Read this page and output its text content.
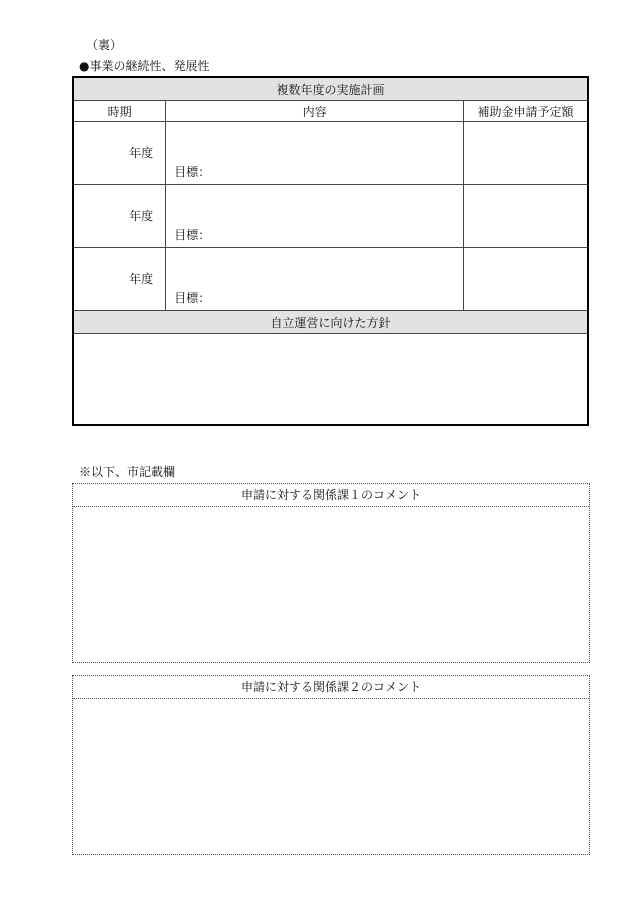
（裏）
●事業の継続性、発展性
複数年度の実施計画		
時期	内容	補助金申請予定額
年度	目標：	
年度	目標：	
年度	目標：	
自立運営に向けた方針		

※以下、市記載欄
申請に対する関係課１のコメント
申請に対する関係課２のコメント
